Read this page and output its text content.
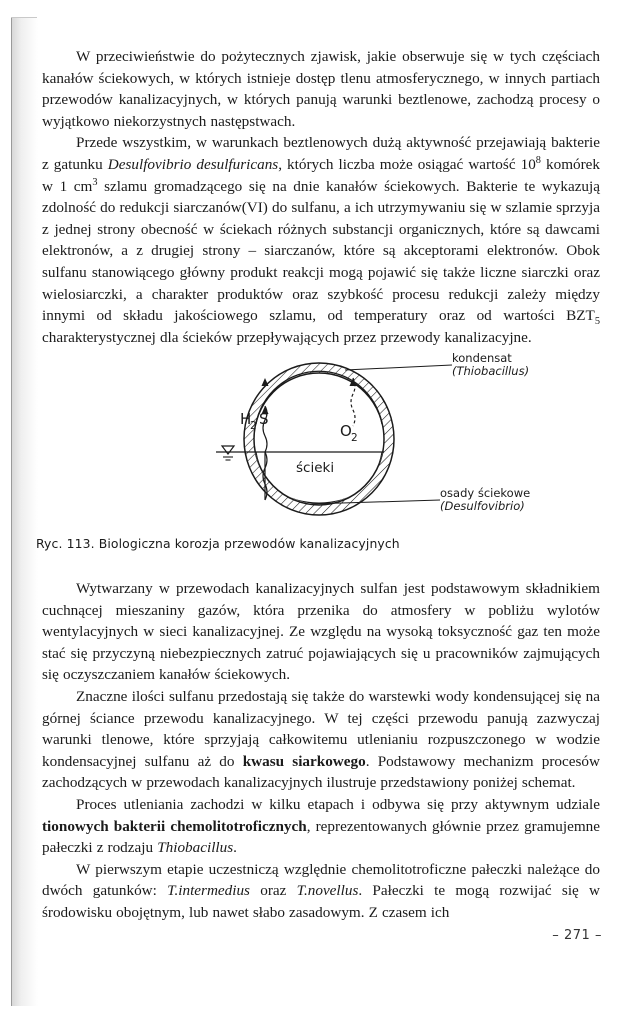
W przeciwieństwie do pożytecznych zjawisk, jakie obserwuje się w tych częściach kanałów ściekowych, w których istnieje dostęp tlenu atmosferycznego, w innych partiach przewodów kanalizacyjnych, w których panują warunki beztlenowe, zachodzą procesy o wyjątkowo niekorzystnych następstwach.

Przede wszystkim, w warunkach beztlenowych dużą aktywność przejawiają bakterie z gatunku Desulfovibrio desulfuricans, których liczba może osiągać wartość $10^8$ komórek w 1 $cm^3$ szlamu gromadzącego się na dnie kanałów ściekowych. Bakterie te wykazują zdolność do redukcji siarczanów(VI) do sulfanu, a ich utrzymywaniu się w szlamie sprzyja z jednej strony obecność w ściekach różnych substancji organicznych, które są dawcami elektronów, a z drugiej strony – siarczanów, które są akceptorami elektronów. Obok sulfanu stanowiącego główny produkt reakcji mogą pojawić się także liczne siarczki oraz wielosiarczki, a charakter produktów oraz szybkość procesu redukcji zależy między innymi od składu jakościowego szlamu, od temperatury oraz od wartości $BZT_5$ charakterystycznej dla ścieków przepływających przez przewody kanalizacyjne.

kondensat
(Thiobacillus)
osady ściekowe
(Desulfovibrio)
ścieki
H
2 S
O 2
Ryc. 113. Biologiczna korozja przewodów kanalizacyjnych

Wytwarzany w przewodach kanalizacyjnych sulfan jest podstawowym składnikiem cuchnącej mieszaniny gazów, która przenika do atmosfery w pobliżu wylotów wentylacyjnych w sieci kanalizacyjnej. Ze względu na wysoką toksyczność gaz ten może stać się przyczyną niebezpiecznych zatruć pojawiających się u pracowników zajmujących się oczyszczaniem kanałów ściekowych.

Znaczne ilości sulfanu przedostają się także do warstewki wody kondensującej się na górnej ściance przewodu kanalizacyjnego. W tej części przewodu panują zazwyczaj warunki tlenowe, które sprzyjają całkowitemu utlenianiu rozpuszczonego w wodzie kondensacyjnej sulfanu aż do kwasu siarkowego. Podstawowy mechanizm procesów zachodzących w przewodach kanalizacyjnych ilustruje przedstawiony poniżej schemat.

Proces utleniania zachodzi w kilku etapach i odbywa się przy aktywnym udziale tionowych bakterii chemolitotroficznych, reprezentowanych głównie przez gramujemne pałeczki z rodzaju Thiobacillus.

W pierwszym etapie uczestniczą względnie chemolitotroficzne pałeczki należące do dwóch gatunków: T.intermedius oraz T.novellus. Pałeczki te mogą rozwijać się w środowisku obojętnym, lub nawet słabo zasadowym. Z czasem ich

– 271 –
